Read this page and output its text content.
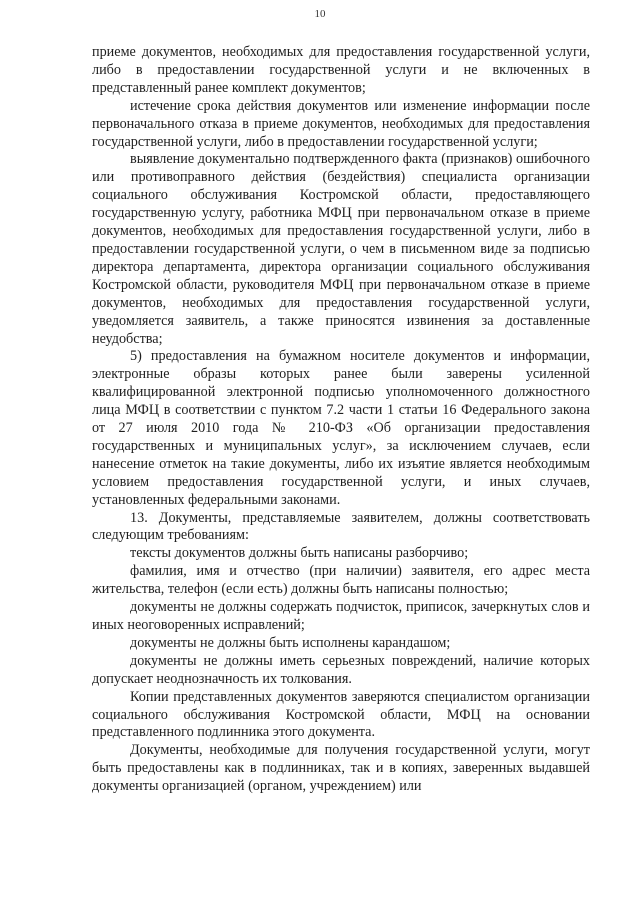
10

приеме документов, необходимых для предоставления государственной услуги, либо в предоставлении государственной услуги и не включенных в представленный ранее комплект документов;

истечение срока действия документов или изменение информации после первоначального отказа в приеме документов, необходимых для предоставления государственной услуги, либо в предоставлении государственной услуги;

выявление документально подтвержденного факта (признаков) ошибочного или противоправного действия (бездействия) специалиста организации социального обслуживания Костромской области, предоставляющего государственную услугу, работника МФЦ при первоначальном отказе в приеме документов, необходимых для предоставления государственной услуги, либо в предоставлении государственной услуги, о чем в письменном виде за подписью директора департамента, директора организации социального обслуживания Костромской области, руководителя МФЦ при первоначальном отказе в приеме документов, необходимых для предоставления государственной услуги, уведомляется заявитель, а также приносятся извинения за доставленные неудобства;

5) предоставления на бумажном носителе документов и информации, электронные образы которых ранее были заверены усиленной квалифицированной электронной подписью уполномоченного должностного лица МФЦ в соответствии с пунктом 7.2 части 1 статьи 16 Федерального закона от 27 июля 2010 года № 210-ФЗ «Об организации предоставления государственных и муниципальных услуг», за исключением случаев, если нанесение отметок на такие документы, либо их изъятие является необходимым условием предоставления государственной услуги, и иных случаев, установленных федеральными законами.

13. Документы, представляемые заявителем, должны соответствовать следующим требованиям:

тексты документов должны быть написаны разборчиво;

фамилия, имя и отчество (при наличии) заявителя, его адрес места жительства, телефон (если есть) должны быть написаны полностью;

документы не должны содержать подчисток, приписок, зачеркнутых слов и иных неоговоренных исправлений;

документы не должны быть исполнены карандашом;

документы не должны иметь серьезных повреждений, наличие которых допускает неоднозначность их толкования.

Копии представленных документов заверяются специалистом организации социального обслуживания Костромской области, МФЦ на основании представленного подлинника этого документа.

Документы, необходимые для получения государственной услуги, могут быть предоставлены как в подлинниках, так и в копиях, заверенных выдавшей документы организацией (органом, учреждением) или
